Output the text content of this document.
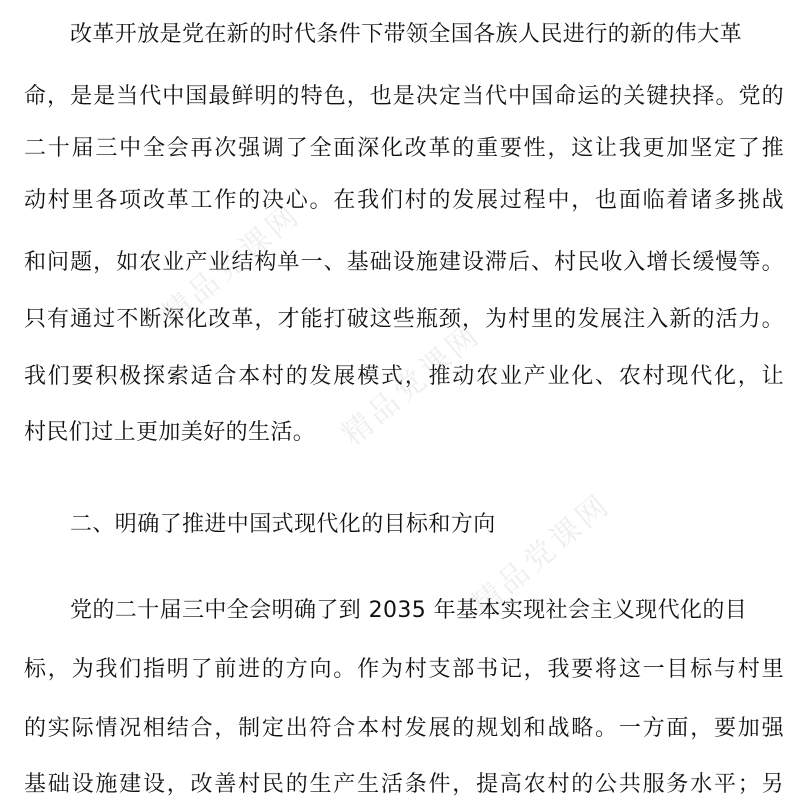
改革开放是党在新的时代条件下带领全国各族人民进行的新的伟大革
命，是是当代中国最鲜明的特色，也是决定当代中国命运的关键抉择。党的
二十届三中全会再次强调了全面深化改革的重要性，这让我更加坚定了推
动村里各项改革工作的决心。在我们村的发展过程中，也面临着诸多挑战
和问题，如农业产业结构单一、基础设施建设滞后、村民收入增长缓慢等。
只有通过不断深化改革，才能打破这些瓶颈，为村里的发展注入新的活力。
我们要积极探索适合本村的发展模式，推动农业产业化、农村现代化，让
村民们过上更加美好的生活。
二、明确了推进中国式现代化的目标和方向
党的二十届三中全会明确了到 2035 年基本实现社会主义现代化的目
标，为我们指明了前进的方向。作为村支部书记，我要将这一目标与村里
的实际情况相结合，制定出符合本村发展的规划和战略。一方面，要加强
基础设施建设，改善村民的生产生活条件，提高农村的公共服务水平；另
精品党课网
精品党课网
精品党课网
